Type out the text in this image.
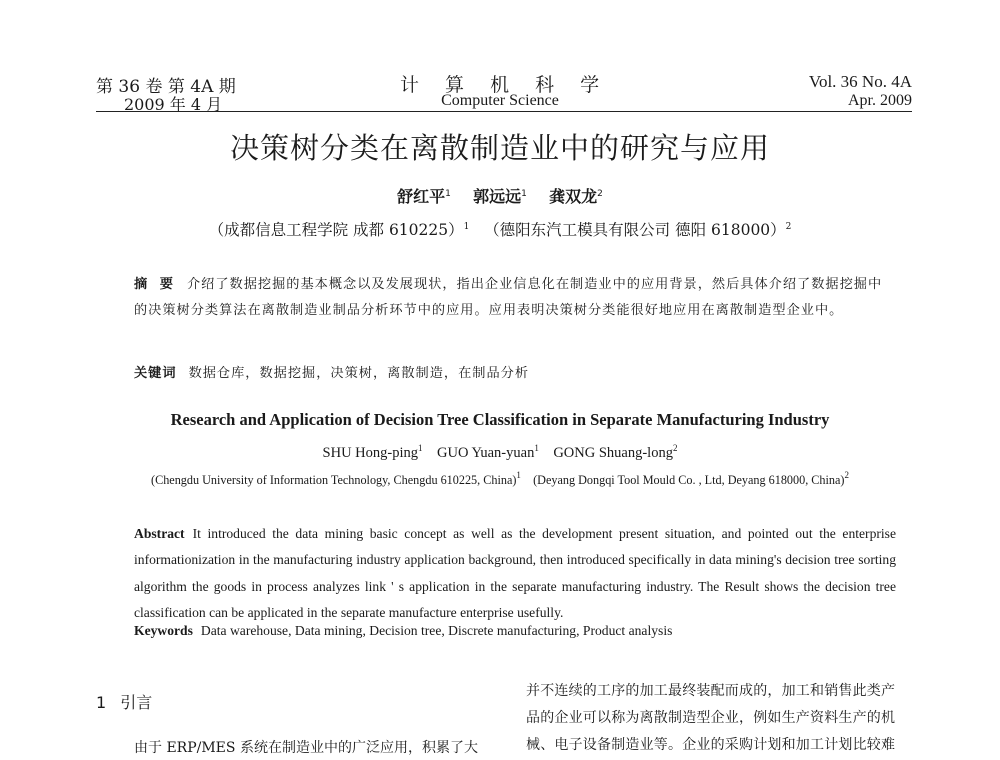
第 36 卷 第 4A 期
2009 年 4 月
计 算 机 科 学
Computer Science
Vol. 36 No. 4A
Apr. 2009
决策树分类在离散制造业中的研究与应用
舒红平$^1$ 郭远远$^1$ 龚双龙$^2$
（成都信息工程学院 成都 610225）$^1$ （德阳东汽工模具有限公司 德阳 618000）$^2$
摘 要 介绍了数据挖掘的基本概念以及发展现状，指出企业信息化在制造业中的应用背景，然后具体介绍了数据挖掘中的决策树分类算法在离散制造业制品分析环节中的应用。应用表明决策树分类能很好地应用在离散制造型企业中。
关键词 数据仓库，数据挖掘，决策树，离散制造，在制品分析
Research and Application of Decision Tree Classification in Separate Manufacturing Industry
SHU Hong-ping$^1$ GUO Yuan-yuan$^1$ GONG Shuang-long$^2$
(Chengdu University of Information Technology, Chengdu 610225, China)$^1$ (Deyang Dongqi Tool Mould Co. , Ltd, Deyang 618000, China)$^2$
Abstract It introduced the data mining basic concept as well as the development present situation, and pointed out the enterprise informationization in the manufacturing industry application background, then introduced specifically in data mining's decision tree sorting algorithm the goods in process analyzes link ' s application in the separate manufacturing industry. The Result shows the decision tree classification can be applicated in the separate manufacture enterprise usefully.
Keywords Data warehouse, Data mining, Decision tree, Discrete manufacturing, Product analysis
1 引言
由于 ERP/MES 系统在制造业中的广泛应用，积累了大
并不连续的工序的加工最终装配而成的，加工和销售此类产
品的企业可以称为离散制造型企业，例如生产资料生产的机
械、电子设备制造业等。企业的采购计划和加工计划比较难
